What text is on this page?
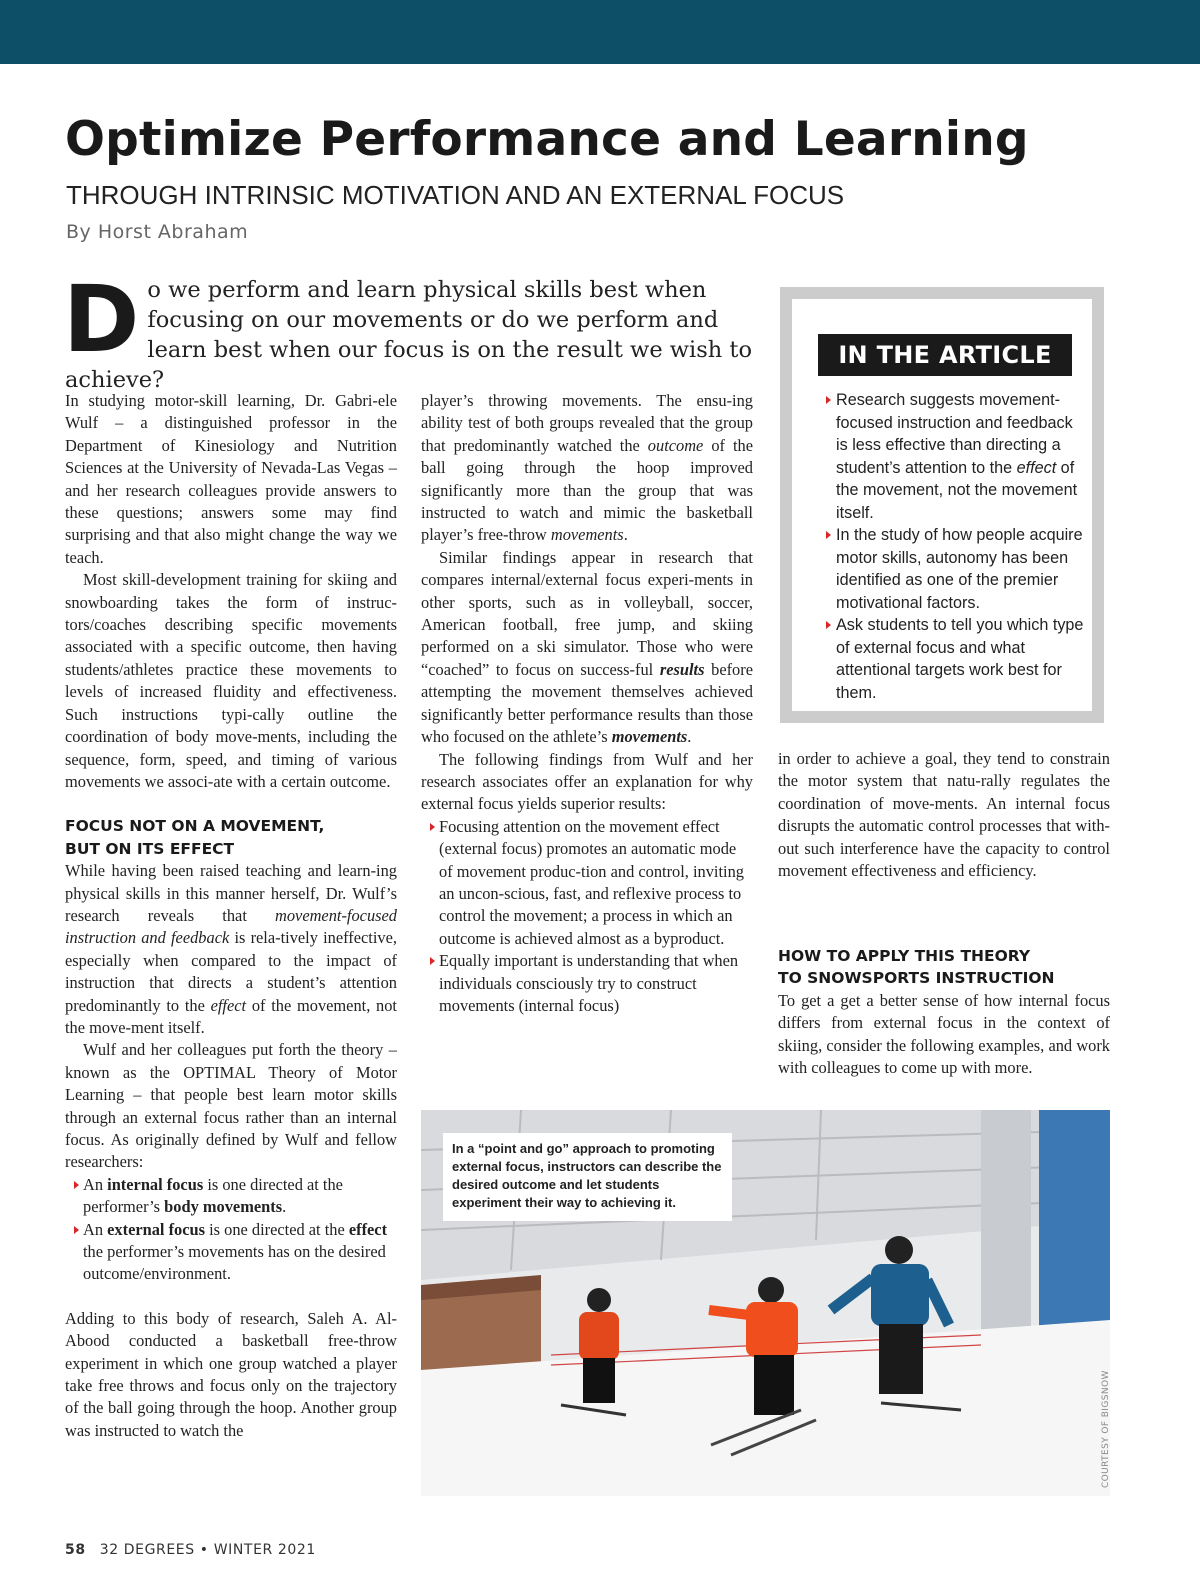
Optimize Performance and Learning
THROUGH INTRINSIC MOTIVATION AND AN EXTERNAL FOCUS
By Horst Abraham
D o we perform and learn physical skills best when focusing on our movements or do we perform and learn best when our focus is on the result we wish to achieve?
IN THE ARTICLE
Research suggests movement-focused instruction and feedback is less effective than directing a student’s attention to the effect of the movement, not the movement itself.
In the study of how people acquire motor skills, autonomy has been identified as one of the premier motivational factors.
Ask students to tell you which type of external focus and what attentional targets work best for them.

In studying motor-skill learning, Dr. Gabri-ele Wulf – a distinguished professor in the Department of Kinesiology and Nutrition Sciences at the University of Nevada-Las Vegas – and her research colleagues provide answers to these questions; answers some may find surprising and that also might change the way we teach.

Most skill-development training for skiing and snowboarding takes the form of instruc-tors/coaches describing specific movements associated with a specific outcome, then having students/athletes practice these movements to levels of increased fluidity and effectiveness. Such instructions typi-cally outline the coordination of body move-ments, including the sequence, form, speed, and timing of various movements we associ-ate with a certain outcome.

FOCUS NOT ON A MOVEMENT,
BUT ON ITS EFFECT

While having been raised teaching and learn-ing physical skills in this manner herself, Dr. Wulf’s research reveals that movement-focused instruction and feedback is rela-tively ineffective, especially when compared to the impact of instruction that directs a student’s attention predominantly to the effect of the movement, not the move-ment itself.

Wulf and her colleagues put forth the theory – known as the OPTIMAL Theory of Motor Learning – that people best learn motor skills through an external focus rather than an internal focus. As originally defined by Wulf and fellow researchers:

An internal focus is one directed at the performer’s body movements.
An external focus is one directed at the effect the performer’s movements has on the desired outcome/environment.

Adding to this body of research, Saleh A. Al-Abood conducted a basketball free-throw experiment in which one group watched a player take free throws and focus only on the trajectory of the ball going through the hoop. Another group was instructed to watch the

player’s throwing movements. The ensu-ing ability test of both groups revealed that the group that predominantly watched the outcome of the ball going through the hoop improved significantly more than the group that was instructed to watch and mimic the basketball player’s free-throw movements.

Similar findings appear in research that compares internal/external focus experi-ments in other sports, such as in volleyball, soccer, American football, free jump, and skiing performed on a ski simulator. Those who were “coached” to focus on success-ful results before attempting the movement themselves achieved significantly better performance results than those who focused on the athlete’s movements.

The following findings from Wulf and her research associates offer an explanation for why external focus yields superior results:

Focusing attention on the movement effect (external focus) promotes an automatic mode of movement produc-tion and control, inviting an uncon-scious, fast, and reflexive process to control the movement; a process in which an outcome is achieved almost as a byproduct.
Equally important is understanding that when individuals consciously try to construct movements (internal focus)

in order to achieve a goal, they tend to constrain the motor system that natu-rally regulates the coordination of move-ments. An internal focus disrupts the automatic control processes that with-out such interference have the capacity to control movement effectiveness and efficiency.

HOW TO APPLY THIS THEORY
TO SNOWSPORTS INSTRUCTION

To get a get a better sense of how internal focus differs from external focus in the context of skiing, consider the following examples, and work with colleagues to come up with more.

In a “point and go” approach to promoting external focus, instructors can describe the desired outcome and let students experiment their way to achieving it.
COURTESY OF BIGSNOW
58 32 DEGREES • WINTER 2021
